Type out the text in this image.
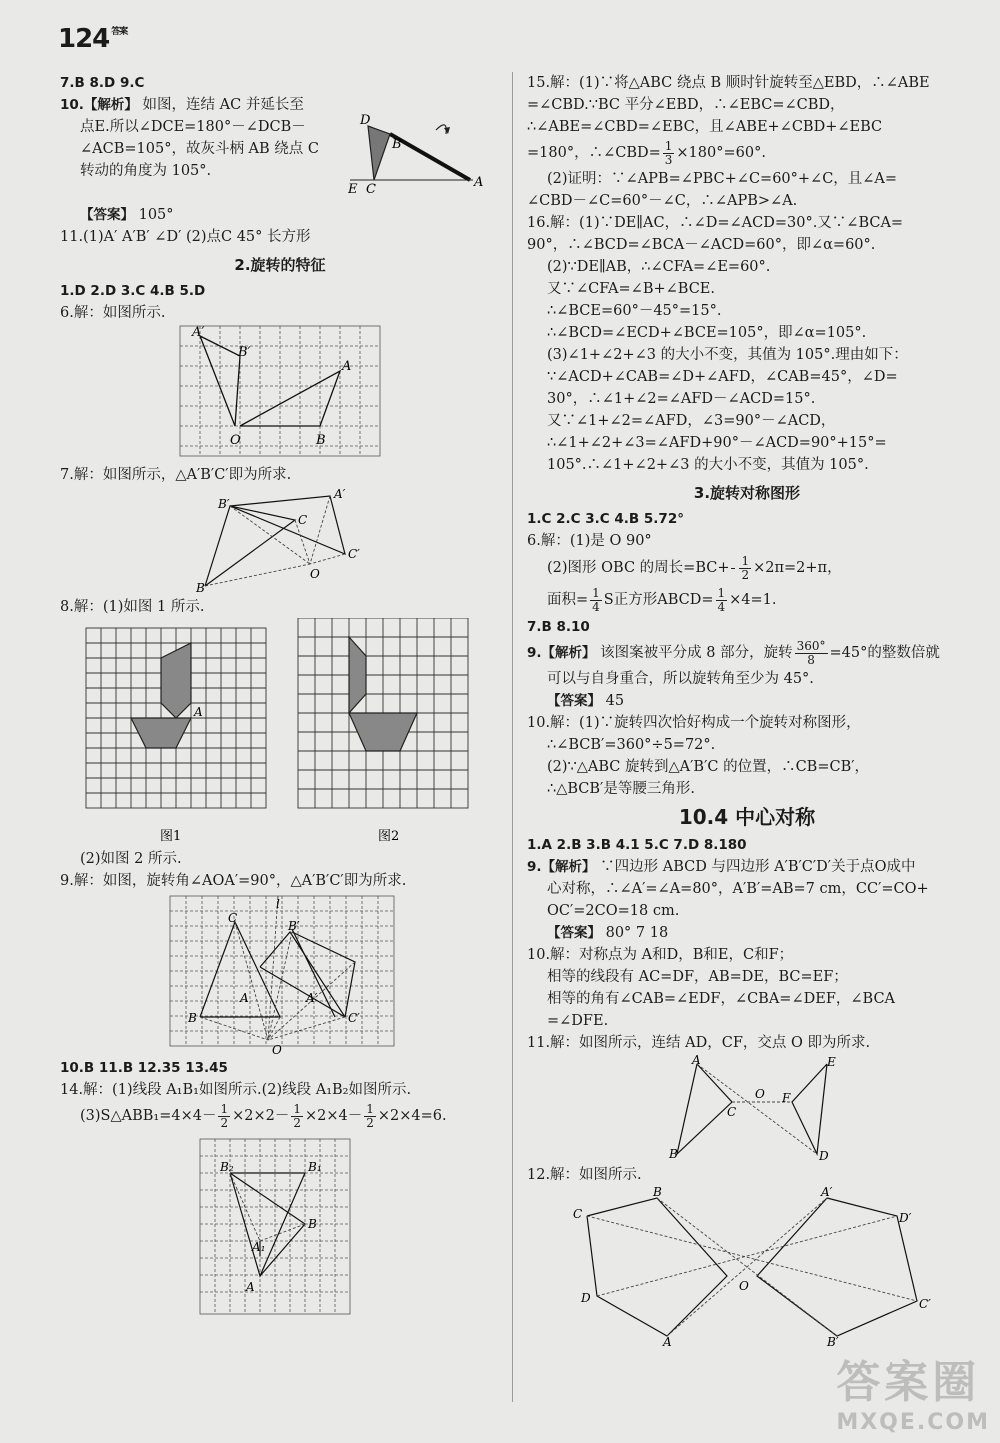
124 $^{答案}$
7.B 8.D 9.C
10.【解析】 如图，连结 AC 并延长至
点E.所以∠DCE=180°－∠DCB－
∠ACB=105°，故灰斗柄 AB 绕点 C
转动的角度为 105°.
D
B
C
E	A
【答案】 105°
11.(1)A′ A′B′ ∠D′ (2)点C 45° 长方形
2.旋转的特征
1.D 2.D 3.C 4.B 5.D
6.解：如图所示.
A′
B′
A
O	B
7.解：如图所示，△A′B′C′即为所求.
A′
B′
C
C′
O
B
8.解：(1)如图 1 所示.
A
图1	图2
(2)如图 2 所示.
9.解：如图，旋转角∠AOA′=90°，△A′B′C′即为所求.
C
l
B′
B
A	A′
C′
O
10.B 11.B 12.35 13.45
14.解：(1)线段 A₁B₁如图所示.(2)线段 A₁B₂如图所示.
(3)S△ABB₁=4×4－ $\frac{1}{2} \times 2\times 2- \frac{1}{2} \times 2\times 4- \frac{1}{2} \times 2\times 4=6$.
B₂	B₁
B
A₁
A
15.解：(1)∵将△ABC 绕点 B 顺时针旋转至△EBD，∴∠ABE
=∠CBD.∵BC 平分∠EBD，∴∠EBC=∠CBD，
∴∠ABE=∠CBD=∠EBC，且∠ABE+∠CBD+∠EBC
=180°，∴∠CBD= $\frac{1}{3} \times 180^\circ=60^\circ$.
(2)证明：∵∠APB=∠PBC+∠C=60°+∠C，且∠A=
∠CBD－∠C=60°－∠C，∴∠APB>∠A.
16.解：(1)∵DE∥AC，∴∠D=∠ACD=30°.又∵∠BCA=
90°，∴∠BCD=∠BCA－∠ACD=60°，即∠α=60°.
(2)∵DE∥AB，∴∠CFA=∠E=60°.
又∵∠CFA=∠B+∠BCE.
∴∠BCE=60°－45°=15°.
∴∠BCD=∠ECD+∠BCE=105°，即∠α=105°.
(3)∠1+∠2+∠3 的大小不变，其值为 105°.理由如下：
∵∠ACD+∠CAB=∠D+∠AFD，∠CAB=45°，∠D=
30°，∴∠1+∠2=∠AFD－∠ACD=15°.
又∵∠1+∠2=∠AFD，∠3=90°－∠ACD，
∴∠1+∠2+∠3=∠AFD+90°－∠ACD=90°+15°=
105°.∴∠1+∠2+∠3 的大小不变，其值为 105°.
3.旋转对称图形
1.C 2.C 3.C 4.B 5.72°
6.解：(1)是 O 90°
(2)图形 OBC 的周长$=BC+ \frac{1}{2} \times 2\pi=2+\pi$，
面积= $\frac{1}{4}$ S正方形ABCD= $\frac{1}{4} \times 4=1$.
7.B 8.10
9.【解析】 该图案被平分成 8 部分，旋转 $\frac{360^\circ}{8} =45^\circ$的整数倍就
可以与自身重合，所以旋转角至少为 45°.
【答案】 45
10.解：(1)∵旋转四次恰好构成一个旋转对称图形，
∴∠BCB′=360°÷5=72°.
(2)∵△ABC 旋转到△A′B′C 的位置，∴CB=CB′，
∴△BCB′是等腰三角形.
10.4 中心对称
1.A 2.B 3.B 4.1 5.C 7.D 8.180
9.【解析】 ∵四边形 ABCD 与四边形 A′B′C′D′关于点O成中
心对称，∴∠A′=∠A=80°，A′B′=AB=7 cm，CC′=CO+
OC′=2CO=18 cm.
【答案】 80° 7 18
10.解：对称点为 A和D，B和E，C和F；
相等的线段有 AC=DF，AB=DE，BC=EF；
相等的角有∠CAB=∠EDF，∠CBA=∠DEF，∠BCA
=∠DFE.
11.解：如图所示，连结 AD，CF，交点 O 即为所求.
A	E
O F
C
B	D
12.解：如图所示.
C
B
D
A
O
A′
D′
C′
B′
答案圈
MXQE.COM
